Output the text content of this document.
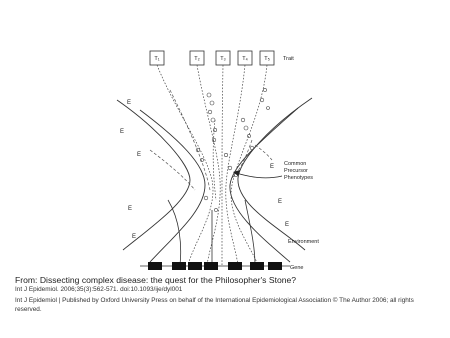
T₁	T₂	T₃	T₄	T₅ Trait
E
E
E
E
E
E
E
E
Common
Precursor
Phenotypes
Environment
Gene
From: Dissecting complex disease: the quest for the Philosopher's Stone?
Int J Epidemiol. 2006;35(3):562-571. doi:10.1093/ije/dyl001
Int J Epidemiol | Published by Oxford University Press on behalf of the International Epidemiological Association © The Author 2006; all rights reserved.
